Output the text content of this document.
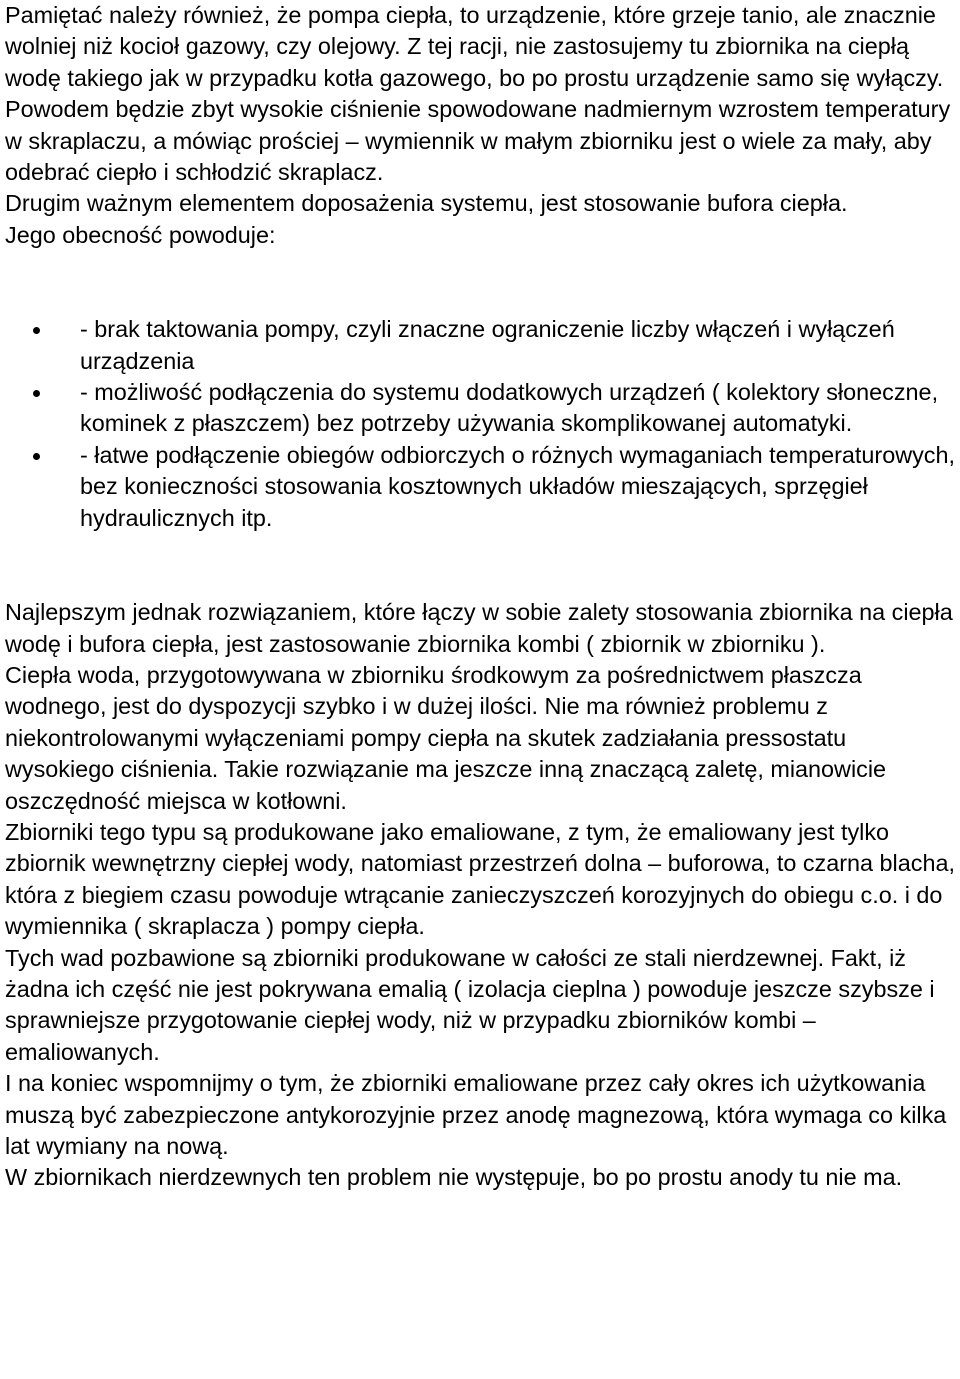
Pamiętać należy również, że pompa ciepła, to urządzenie, które grzeje tanio, ale znacznie wolniej niż kocioł gazowy, czy olejowy. Z tej racji, nie zastosujemy tu zbiornika na ciepłą wodę takiego jak w przypadku kotła gazowego, bo po prostu urządzenie samo się wyłączy. Powodem będzie zbyt wysokie ciśnienie spowodowane nadmiernym wzrostem temperatury w skraplaczu, a mówiąc prościej – wymiennik w małym zbiorniku jest o wiele za mały, aby odebrać ciepło i schłodzić skraplacz.

Drugim ważnym elementem doposażenia systemu, jest stosowanie bufora ciepła.

Jego obecność powoduje:

- brak taktowania pompy, czyli znaczne ograniczenie liczby włączeń i wyłączeń urządzenia
- możliwość podłączenia do systemu dodatkowych urządzeń ( kolektory słoneczne, kominek z płaszczem) bez potrzeby używania skomplikowanej automatyki.
- łatwe podłączenie obiegów odbiorczych o różnych wymaganiach temperaturowych, bez konieczności stosowania kosztownych układów mieszających, sprzęgieł hydraulicznych itp.

Najlepszym jednak rozwiązaniem, które łączy w sobie zalety stosowania zbiornika na ciepła wodę i bufora ciepła, jest zastosowanie zbiornika kombi ( zbiornik w zbiorniku ).

Ciepła woda, przygotowywana w zbiorniku środkowym za pośrednictwem płaszcza wodnego, jest do dyspozycji szybko i w dużej ilości. Nie ma również problemu z niekontrolowanymi wyłączeniami pompy ciepła na skutek zadziałania pressostatu wysokiego ciśnienia. Takie rozwiązanie ma jeszcze inną znaczącą zaletę, mianowicie oszczędność miejsca w kotłowni.

Zbiorniki tego typu są produkowane jako emaliowane, z tym, że emaliowany jest tylko zbiornik wewnętrzny ciepłej wody, natomiast przestrzeń dolna – buforowa, to czarna blacha, która z biegiem czasu powoduje wtrącanie zanieczyszczeń korozyjnych do obiegu c.o. i do wymiennika ( skraplacza ) pompy ciepła.

Tych wad pozbawione są zbiorniki produkowane w całości ze stali nierdzewnej. Fakt, iż żadna ich część nie jest pokrywana emalią ( izolacja cieplna ) powoduje jeszcze szybsze i sprawniejsze przygotowanie ciepłej wody, niż w przypadku zbiorników kombi – emaliowanych.

I na koniec wspomnijmy o tym, że zbiorniki emaliowane przez cały okres ich użytkowania muszą być zabezpieczone antykorozyjnie przez anodę magnezową, która wymaga co kilka lat wymiany na nową.

W zbiornikach nierdzewnych ten problem nie występuje, bo po prostu anody tu nie ma.
